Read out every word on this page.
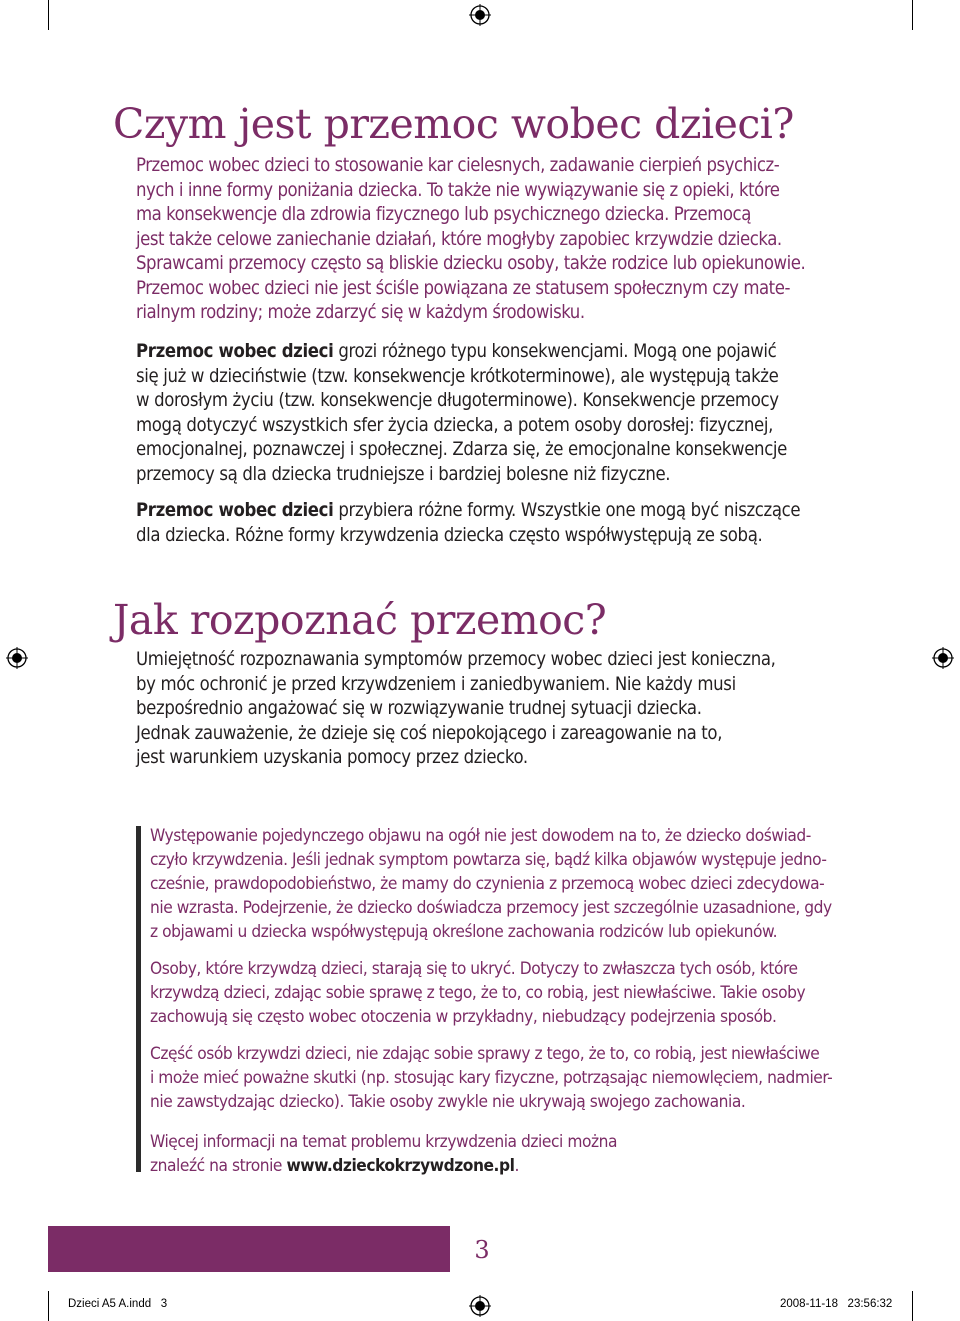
Czym jest przemoc wobec dzieci?
Przemoc wobec dzieci to stosowanie kar cielesnych, zadawanie cierpień psychicz-
nych i inne formy poniżania dziecka. To także nie wywiązywanie się z opieki, które
ma konsekwencje dla zdrowia fizycznego lub psychicznego dziecka. Przemocą
jest także celowe zaniechanie działań, które mogłyby zapobiec krzywdzie dziecka.
Sprawcami przemocy często są bliskie dziecku osoby, także rodzice lub opiekunowie.
Przemoc wobec dzieci nie jest ściśle powiązana ze statusem społecznym czy mate-
rialnym rodziny; może zdarzyć się w każdym środowisku.
Przemoc wobec dzieci grozi różnego typu konsekwencjami. Mogą one pojawić
się już w dzieciństwie (tzw. konsekwencje krótkoterminowe), ale występują także
w dorosłym życiu (tzw. konsekwencje długoterminowe). Konsekwencje przemocy
mogą dotyczyć wszystkich sfer życia dziecka, a potem osoby dorosłej: fizycznej,
emocjonalnej, poznawczej i społecznej. Zdarza się, że emocjonalne konsekwencje
przemocy są dla dziecka trudniejsze i bardziej bolesne niż fizyczne.
Przemoc wobec dzieci przybiera różne formy. Wszystkie one mogą być niszczące
dla dziecka. Różne formy krzywdzenia dziecka często współwystępują ze sobą.
Jak rozpoznać przemoc?
Umiejętność rozpoznawania symptomów przemocy wobec dzieci jest konieczna,
by móc ochronić je przed krzywdzeniem i zaniedbywaniem. Nie każdy musi
bezpośrednio angażować się w rozwiązywanie trudnej sytuacji dziecka.
Jednak zauważenie, że dzieje się coś niepokojącego i zareagowanie na to,
jest warunkiem uzyskania pomocy przez dziecko.
Występowanie pojedynczego objawu na ogół nie jest dowodem na to, że dziecko doświad-
czyło krzywdzenia. Jeśli jednak symptom powtarza się, bądź kilka objawów występuje jedno-
cześnie, prawdopodobieństwo, że mamy do czynienia z przemocą wobec dzieci zdecydowa-
nie wzrasta. Podejrzenie, że dziecko doświadcza przemocy jest szczególnie uzasadnione, gdy
z objawami u dziecka współwystępują określone zachowania rodziców lub opiekunów.
Osoby, które krzywdzą dzieci, starają się to ukryć. Dotyczy to zwłaszcza tych osób, które
krzywdzą dzieci, zdając sobie sprawę z tego, że to, co robią, jest niewłaściwe. Takie osoby
zachowują się często wobec otoczenia w przykładny, niebudzący podejrzenia sposób.
Część osób krzywdzi dzieci, nie zdając sobie sprawy z tego, że to, co robią, jest niewłaściwe
i może mieć poważne skutki (np. stosując kary fizyczne, potrząsając niemowlęciem, nadmier-
nie zawstydzając dziecko). Takie osoby zwykle nie ukrywają swojego zachowania.
Więcej informacji na temat problemu krzywdzenia dzieci można
znaleźć na stronie www.dzieckokrzywdzone.pl.
3
Dzieci A5 A.indd   3	2008-11-18   23:56:32
